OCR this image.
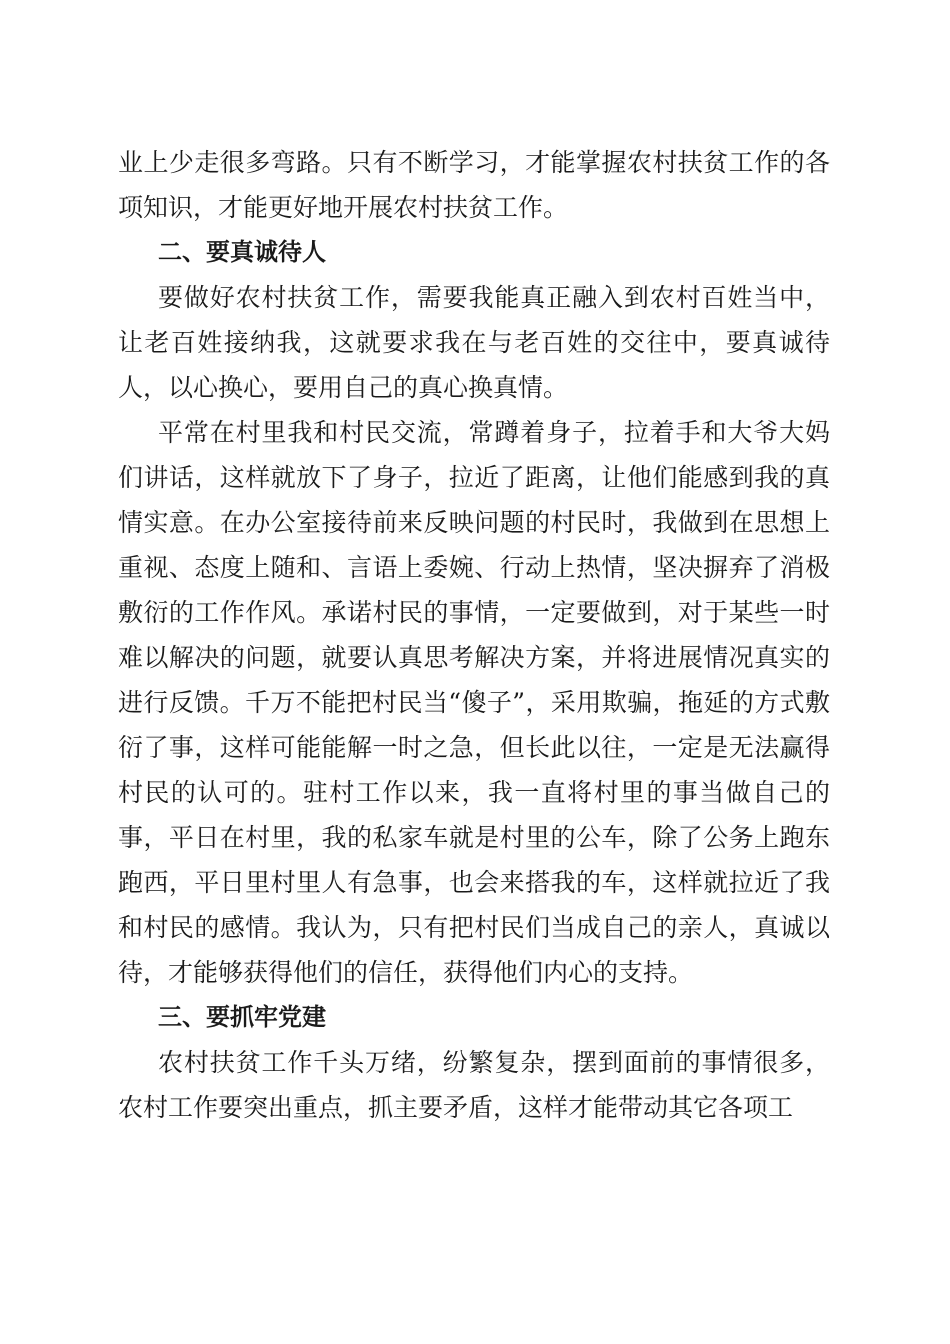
业上少走很多弯路。只有不断学习，才能掌握农村扶贫工作的各项知识，才能更好地开展农村扶贫工作。

二、要真诚待人

要做好农村扶贫工作，需要我能真正融入到农村百姓当中，让老百姓接纳我，这就要求我在与老百姓的交往中，要真诚待人，以心换心，要用自己的真心换真情。

平常在村里我和村民交流，常蹲着身子，拉着手和大爷大妈们讲话，这样就放下了身子，拉近了距离，让他们能感到我的真情实意。在办公室接待前来反映问题的村民时，我做到在思想上重视、态度上随和、言语上委婉、行动上热情，坚决摒弃了消极敷衍的工作作风。承诺村民的事情，一定要做到，对于某些一时难以解决的问题，就要认真思考解决方案，并将进展情况真实的进行反馈。千万不能把村民当“傻子”，采用欺骗，拖延的方式敷衍了事，这样可能能解一时之急，但长此以往，一定是无法赢得村民的认可的。驻村工作以来，我一直将村里的事当做自己的事，平日在村里，我的私家车就是村里的公车，除了公务上跑东跑西，平日里村里人有急事，也会来搭我的车，这样就拉近了我和村民的感情。我认为，只有把村民们当成自己的亲人，真诚以待，才能够获得他们的信任，获得他们内心的支持。

三、要抓牢党建

农村扶贫工作千头万绪，纷繁复杂，摆到面前的事情很多，农村工作要突出重点，抓主要矛盾，这样才能带动其它各项工
